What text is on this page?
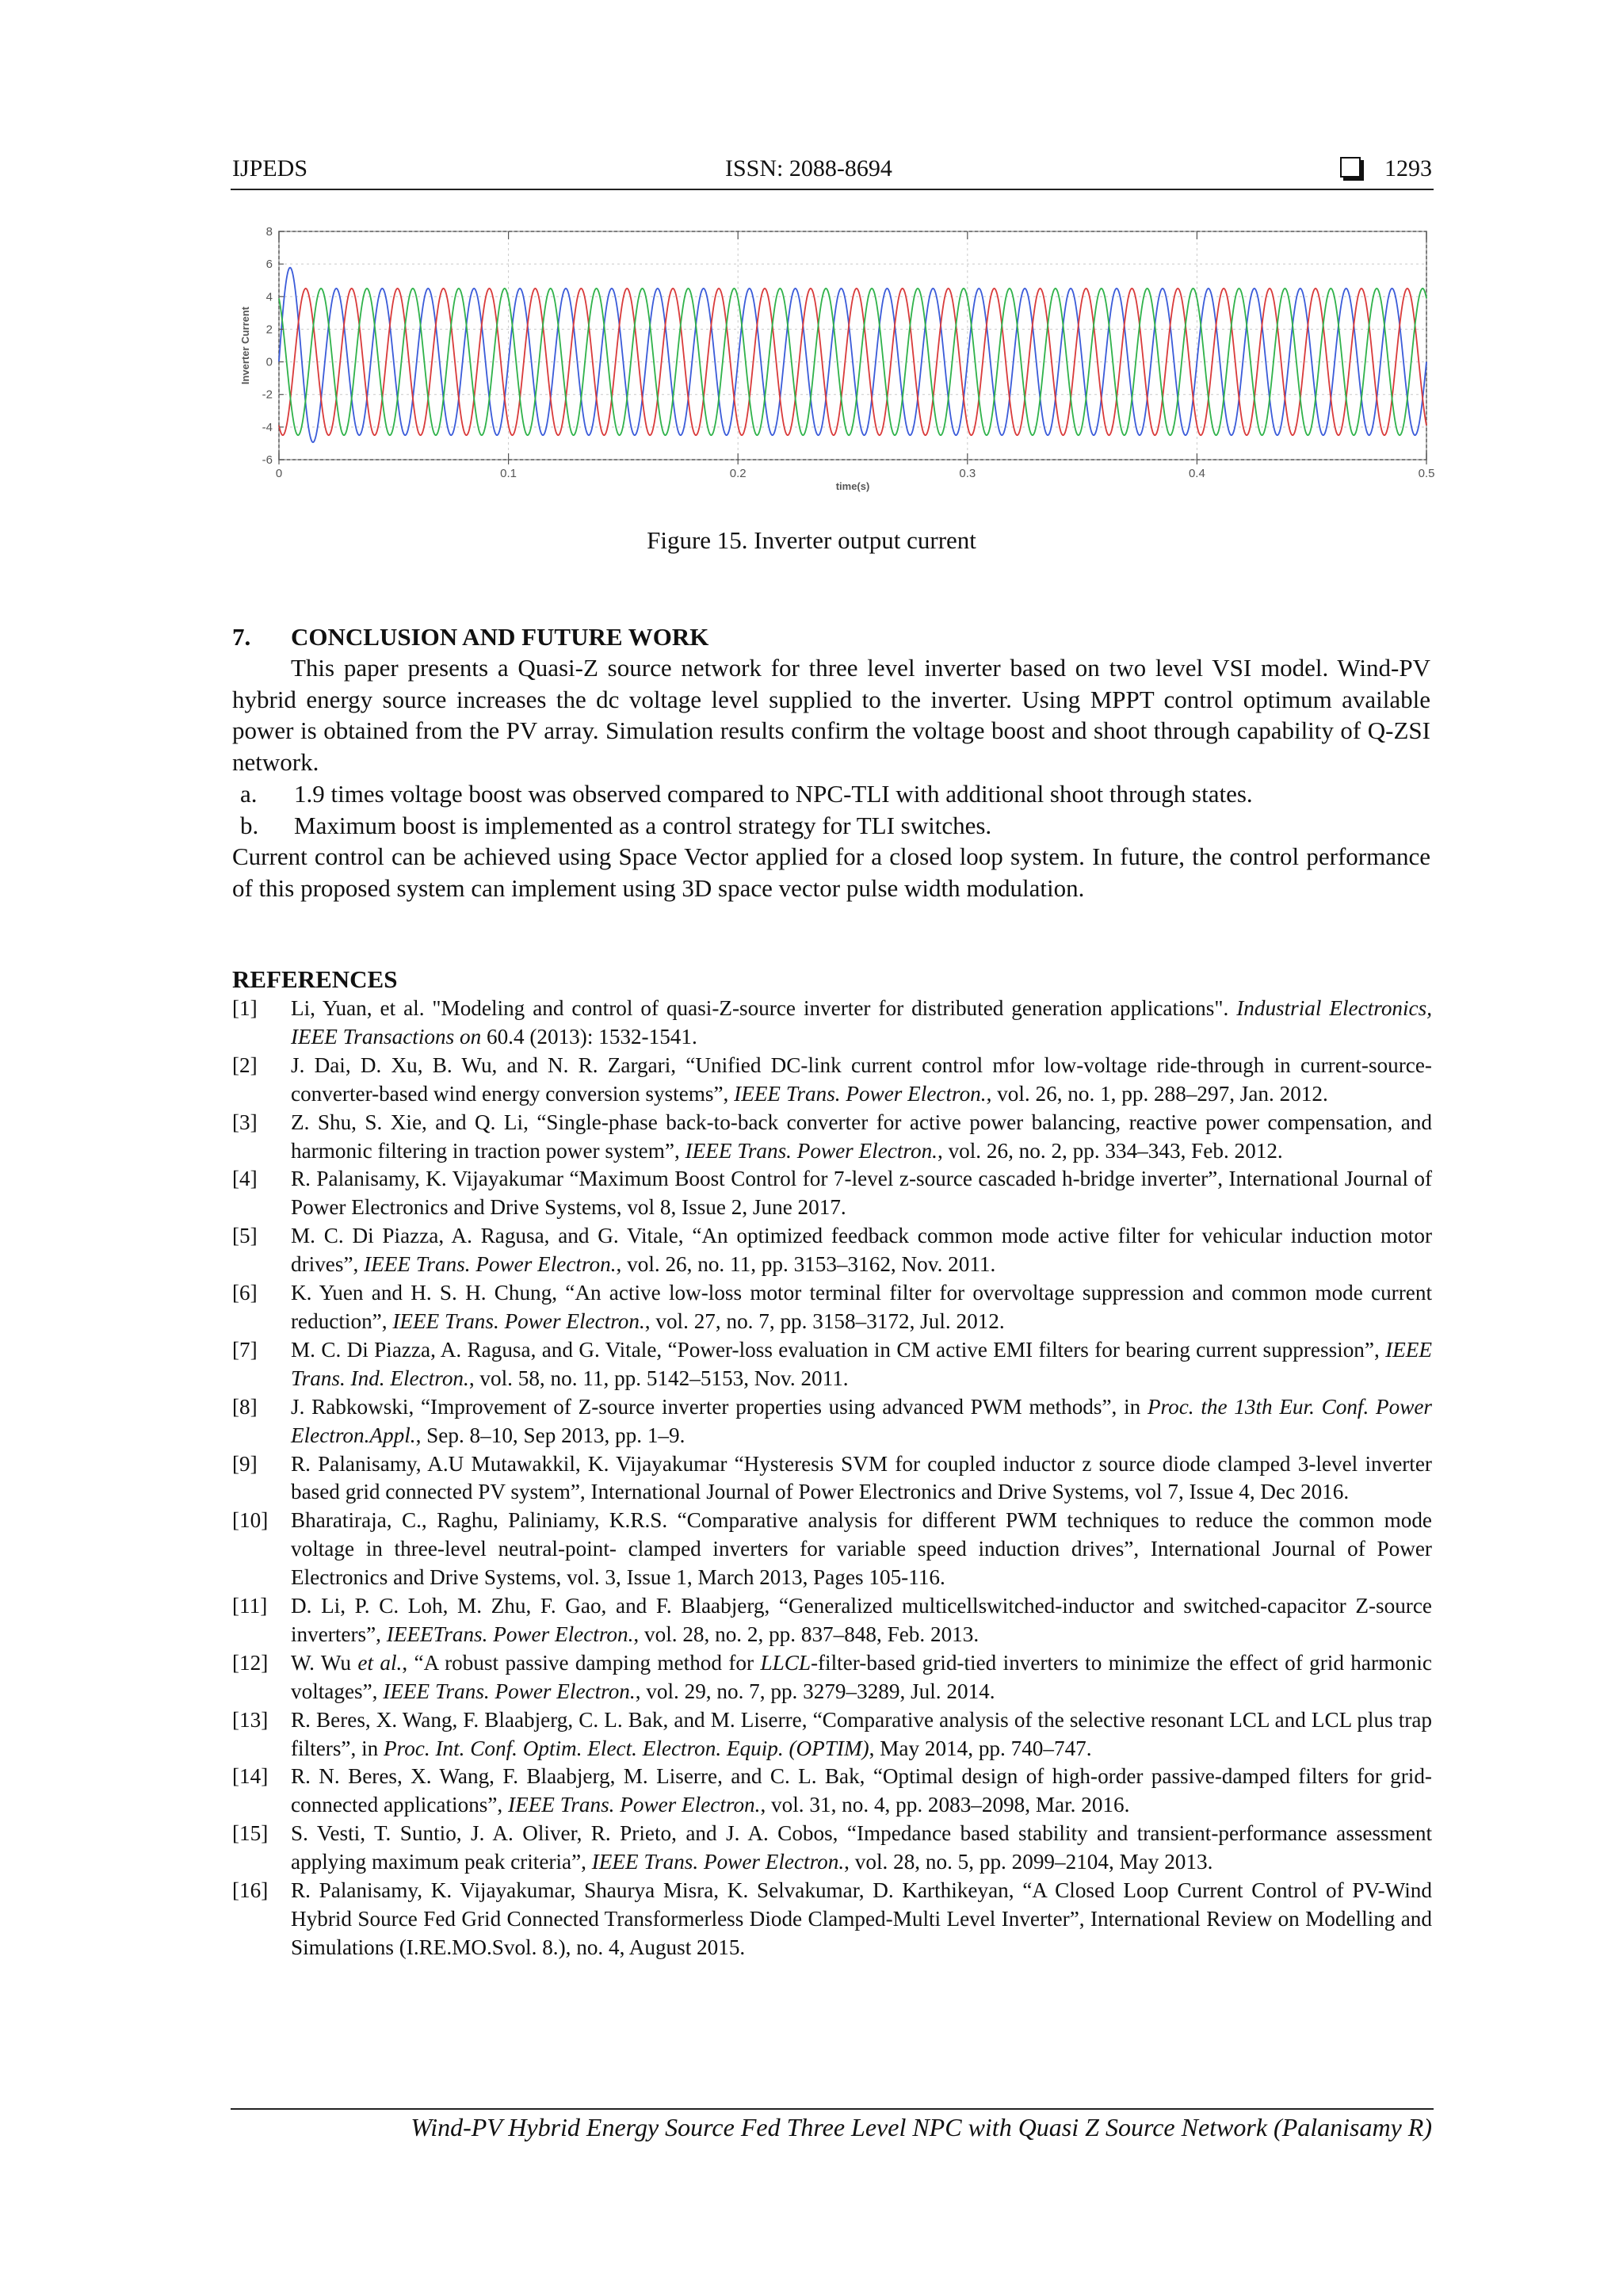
IJPEDS	ISSN: 2088-8694	1293
8
6
4
2
0
-2
-4
-6
0	0.1	0.2	0.3	0.4	0.5
time(s)
Inverter Current
Figure 15. Inverter output current
7. CONCLUSION AND FUTURE WORK

This paper presents a Quasi-Z source network for three level inverter based on two level VSI model. Wind-PV hybrid energy source increases the dc voltage level supplied to the inverter. Using MPPT control optimum available power is obtained from the PV array. Simulation results confirm the voltage boost and shoot through capability of Q-ZSI network.

a. 1.9 times voltage boost was observed compared to NPC-TLI with additional shoot through states.
b. Maximum boost is implemented as a control strategy for TLI switches.

Current control can be achieved using Space Vector applied for a closed loop system. In future, the control performance of this proposed system can implement using 3D space vector pulse width modulation.

REFERENCES
[1] Li, Yuan, et al. "Modeling and control of quasi-Z-source inverter for distributed generation applications". Industrial Electronics, IEEE Transactions on 60.4 (2013): 1532-1541.
[2] J. Dai, D. Xu, B. Wu, and N. R. Zargari, “Unified DC-link current control mfor low-voltage ride-through in current-source-converter-based wind energy conversion systems”, IEEE Trans. Power Electron., vol. 26, no. 1, pp. 288–297, Jan. 2012.
[3] Z. Shu, S. Xie, and Q. Li, “Single-phase back-to-back converter for active power balancing, reactive power compensation, and harmonic filtering in traction power system”, IEEE Trans. Power Electron., vol. 26, no. 2, pp. 334–343, Feb. 2012.
[4] R. Palanisamy, K. Vijayakumar “Maximum Boost Control for 7-level z-source cascaded h-bridge inverter”, International Journal of Power Electronics and Drive Systems, vol 8, Issue 2, June 2017.
[5] M. C. Di Piazza, A. Ragusa, and G. Vitale, “An optimized feedback common mode active filter for vehicular induction motor drives”, IEEE Trans. Power Electron., vol. 26, no. 11, pp. 3153–3162, Nov. 2011.
[6] K. Yuen and H. S. H. Chung, “An active low-loss motor terminal filter for overvoltage suppression and common mode current reduction”, IEEE Trans. Power Electron., vol. 27, no. 7, pp. 3158–3172, Jul. 2012.
[7] M. C. Di Piazza, A. Ragusa, and G. Vitale, “Power-loss evaluation in CM active EMI filters for bearing current suppression”, IEEE Trans. Ind. Electron., vol. 58, no. 11, pp. 5142–5153, Nov. 2011.
[8] J. Rabkowski, “Improvement of Z-source inverter properties using advanced PWM methods”, in Proc. the 13th Eur. Conf. Power Electron.Appl., Sep. 8–10, Sep 2013, pp. 1–9.
[9] R. Palanisamy, A.U Mutawakkil, K. Vijayakumar “Hysteresis SVM for coupled inductor z source diode clamped 3-level inverter based grid connected PV system”, International Journal of Power Electronics and Drive Systems, vol 7, Issue 4, Dec 2016.
[10] Bharatiraja, C., Raghu, Paliniamy, K.R.S. “Comparative analysis for different PWM techniques to reduce the common mode voltage in three-level neutral-point- clamped inverters for variable speed induction drives”, International Journal of Power Electronics and Drive Systems, vol. 3, Issue 1, March 2013, Pages 105-116.
[11] D. Li, P. C. Loh, M. Zhu, F. Gao, and F. Blaabjerg, “Generalized multicellswitched-inductor and switched-capacitor Z-source inverters”, IEEETrans. Power Electron., vol. 28, no. 2, pp. 837–848, Feb. 2013.
[12] W. Wu et al., “A robust passive damping method for LLCL-filter-based grid-tied inverters to minimize the effect of grid harmonic voltages”, IEEE Trans. Power Electron., vol. 29, no. 7, pp. 3279–3289, Jul. 2014.
[13] R. Beres, X. Wang, F. Blaabjerg, C. L. Bak, and M. Liserre, “Comparative analysis of the selective resonant LCL and LCL plus trap filters”, in Proc. Int. Conf. Optim. Elect. Electron. Equip. (OPTIM), May 2014, pp. 740–747.
[14] R. N. Beres, X. Wang, F. Blaabjerg, M. Liserre, and C. L. Bak, “Optimal design of high-order passive-damped filters for grid-connected applications”, IEEE Trans. Power Electron., vol. 31, no. 4, pp. 2083–2098, Mar. 2016.
[15] S. Vesti, T. Suntio, J. A. Oliver, R. Prieto, and J. A. Cobos, “Impedance based stability and transient-performance assessment applying maximum peak criteria”, IEEE Trans. Power Electron., vol. 28, no. 5, pp. 2099–2104, May 2013.
[16] R. Palanisamy, K. Vijayakumar, Shaurya Misra, K. Selvakumar, D. Karthikeyan, “A Closed Loop Current Control of PV-Wind Hybrid Source Fed Grid Connected Transformerless Diode Clamped-Multi Level Inverter”, International Review on Modelling and Simulations (I.RE.MO.Svol. 8.), no. 4, August 2015.
Wind-PV Hybrid Energy Source Fed Three Level NPC with Quasi Z Source Network (Palanisamy R)
